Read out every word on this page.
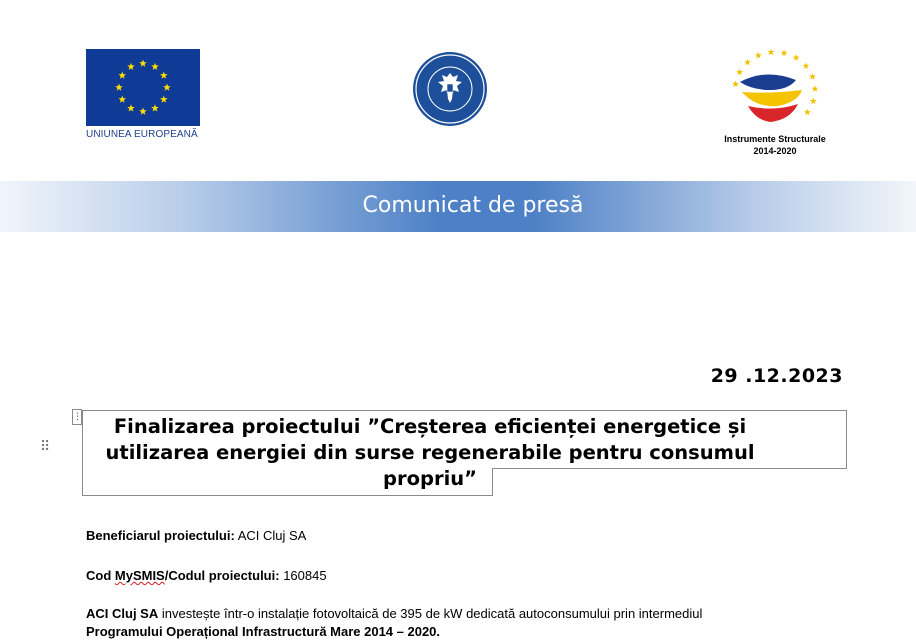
UNIUNEA EUROPEANĂ	Instrumente Structurale
2014-2020
Comunicat de presă
29 .12.2023
⋮
⠿
Finalizarea proiectului ”Creșterea eficienței energetice și
utilizarea energiei din surse regenerabile pentru consumul
propriu”
Beneficiarul proiectului: ACI Cluj SA
Cod MySMIS/Codul proiectului: 160845
ACI Cluj SA investește într-o instalație fotovoltaică de 395 de kW dedicată autoconsumului prin intermediul
Programului Operațional Infrastructură Mare 2014 – 2020.
